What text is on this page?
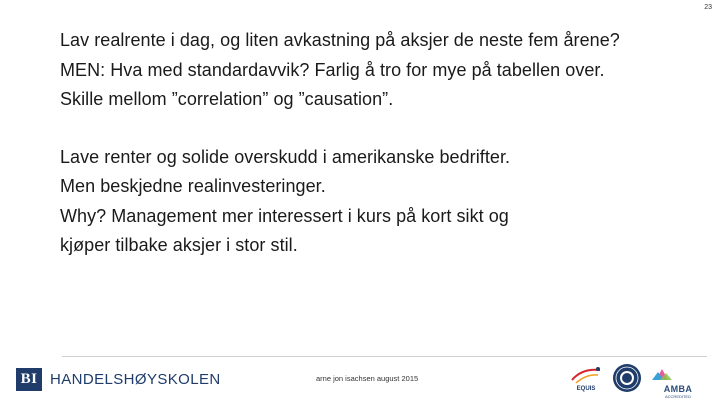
23

Lav realrente i dag, og liten avkastning på aksjer de neste fem årene?
MEN: Hva med standardavvik? Farlig å tro for mye på tabellen over.
Skille mellom ”correlation” og ”causation”.

Lave renter og solide overskudd i amerikanske bedrifter.
Men beskjedne realinvesteringer.
Why? Management mer interessert i kurs på kort sikt og
kjøper tilbake aksjer i stor stil.

BI HANDELSHØYSKOLEN	arne jon isachsen august 2015
EQUIS	AMBA
ACCREDITED
